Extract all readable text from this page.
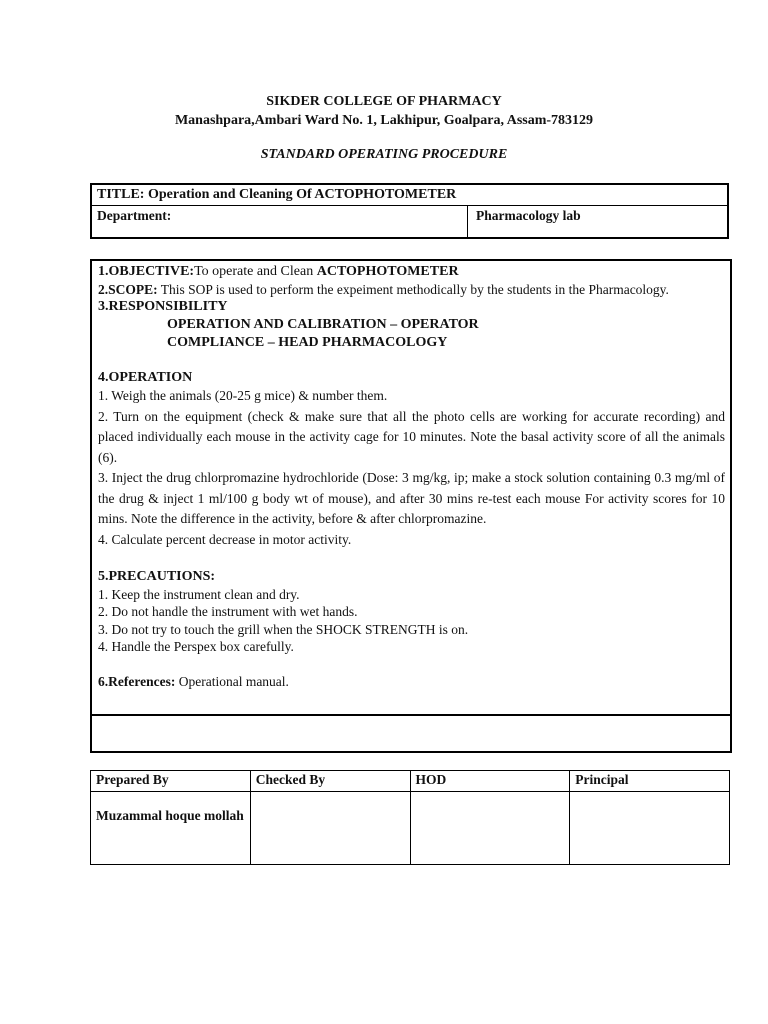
SIKDER COLLEGE OF PHARMACY
Manashpara,Ambari Ward No. 1, Lakhipur, Goalpara, Assam-783129
STANDARD OPERATING PROCEDURE
TITLE: Operation and Cleaning Of ACTOPHOTOMETER
Department:	Pharmacology lab
1.OBJECTIVE:To operate and Clean ACTOPHOTOMETER
2.SCOPE: This SOP is used to perform the expeiment methodically by the students in the Pharmacology.
3.RESPONSIBILITY
OPERATION AND CALIBRATION – OPERATOR
COMPLIANCE – HEAD PHARMACOLOGY
4.OPERATION
1. Weigh the animals (20-25 g mice) & number them.
2. Turn on the equipment (check & make sure that all the photo cells are working for accurate recording) and placed individually each mouse in the activity cage for 10 minutes. Note the basal activity score of all the animals (6).
3. Inject the drug chlorpromazine hydrochloride (Dose: 3 mg/kg, ip; make a stock solution containing 0.3 mg/ml of the drug & inject 1 ml/100 g body wt of mouse), and after 30 mins re-test each mouse For activity scores for 10 mins. Note the difference in the activity, before & after chlorpromazine.
4. Calculate percent decrease in motor activity.
5.PRECAUTIONS:
1. Keep the instrument clean and dry.
2. Do not handle the instrument with wet hands.
3. Do not try to touch the grill when the SHOCK STRENGTH is on.
4. Handle the Perspex box carefully.
6.References: Operational manual.
Prepared By	Checked By	HOD	Principal

Muzammal hoque mollah			
